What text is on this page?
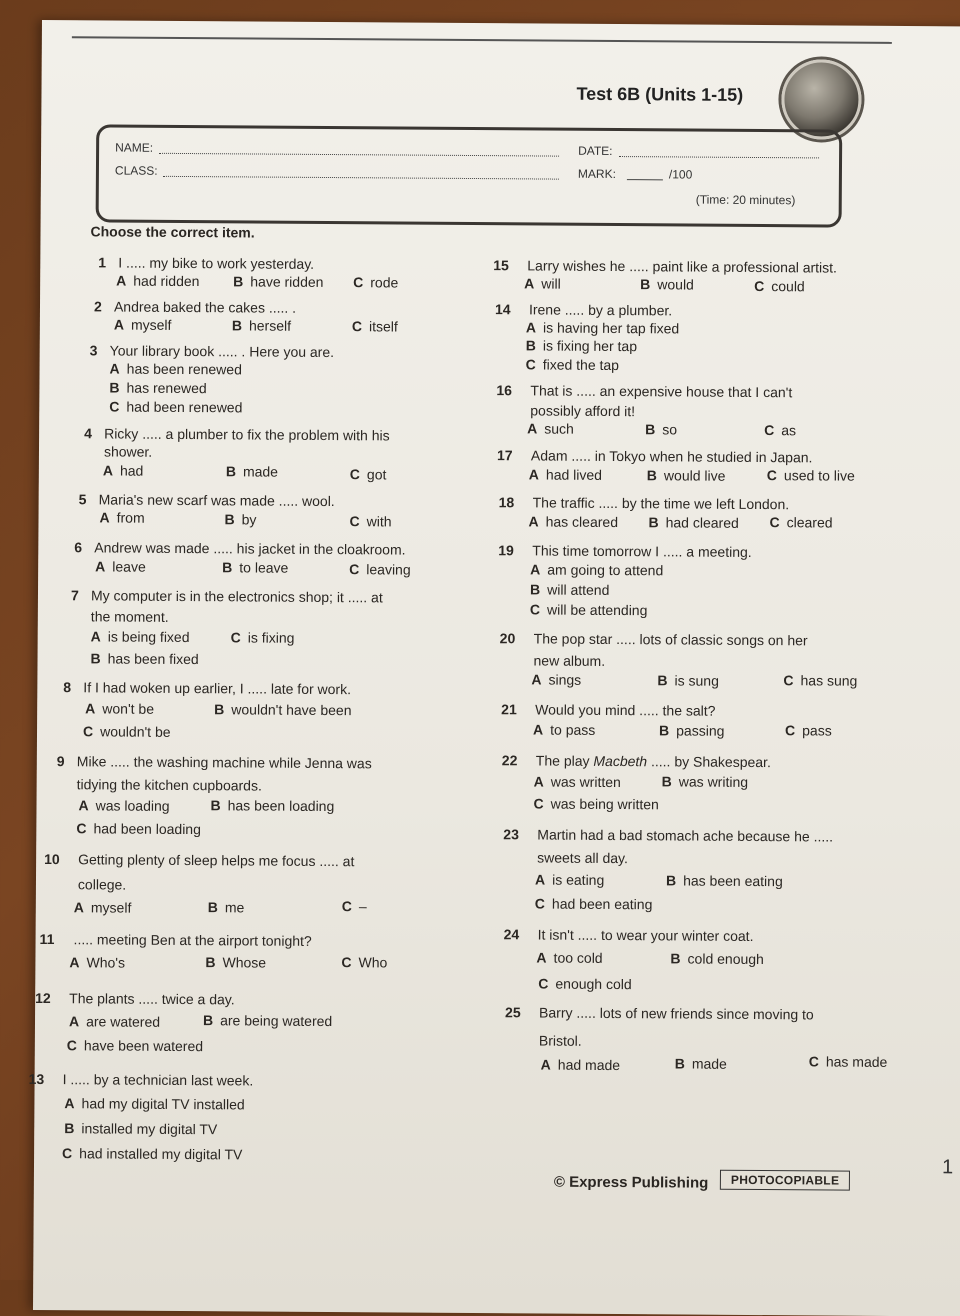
Test 6B (Units 1-15)
NAME:	DATE:
CLASS:	MARK:	/100
(Time: 20 minutes)
Choose the correct item.
1 I ..... my bike to work yesterday.
A had ridden B have ridden C rode
2 Andrea baked the cakes ..... .
A myself	B herself	C itself
3 Your library book ..... . Here you are.
A has been renewed
B has renewed
C had been renewed
4 Ricky ..... a plumber to fix the problem with his
shower.
A had	B made	C got
5 Maria's new scarf was made ..... wool.
A from	B by	C with
6 Andrew was made ..... his jacket in the cloakroom.
A leave	B to leave	C leaving
7 My computer is in the electronics shop; it ..... at
the moment.
A is being fixed
B has been fixed
C is fixing
8 If I had woken up earlier, I ..... late for work.
A won't be	B wouldn't have been
C wouldn't be
9 Mike ..... the washing machine while Jenna was
tidying the kitchen cupboards.
A was loading	B has been loading
C had been loading
10 Getting plenty of sleep helps me focus ..... at
college.
A myself	B me	C –
11 ..... meeting Ben at the airport tonight?
A Who's	B Whose	C Who
12 The plants ..... twice a day.
A are watered	B are being watered
C have been watered
13 I ..... by a technician last week.
A had my digital TV installed
B installed my digital TV
C had installed my digital TV
15 Larry wishes he ..... paint like a professional artist.
A will	B would	C could
14 Irene ..... by a plumber.
A is having her tap fixed
B is fixing her tap
C fixed the tap
16 That is ..... an expensive house that I can't
possibly afford it!
A such	B so	C as
17 Adam ..... in Tokyo when he studied in Japan.
A had lived	B would live	C used to live
18 The traffic ..... by the time we left London.
A has cleared B had cleared C cleared
19 This time tomorrow I ..... a meeting.
A am going to attend
B will attend
C will be attending
20 The pop star ..... lots of classic songs on her
new album.
A sings	B is sung	C has sung
21 Would you mind ..... the salt?
A to pass	B passing	C pass
22 The play Macbeth ..... by Shakespear.
A was written	B was writing
C was being written
23 Martin had a bad stomach ache because he .....
sweets all day.
A is eating	B has been eating
C had been eating
24 It isn't ..... to wear your winter coat.
A too cold	B cold enough
C enough cold
25 Barry ..... lots of new friends since moving to
Bristol.
A had made	B made	C has made
© Express Publishing	PHOTOCOPIABLE
1
